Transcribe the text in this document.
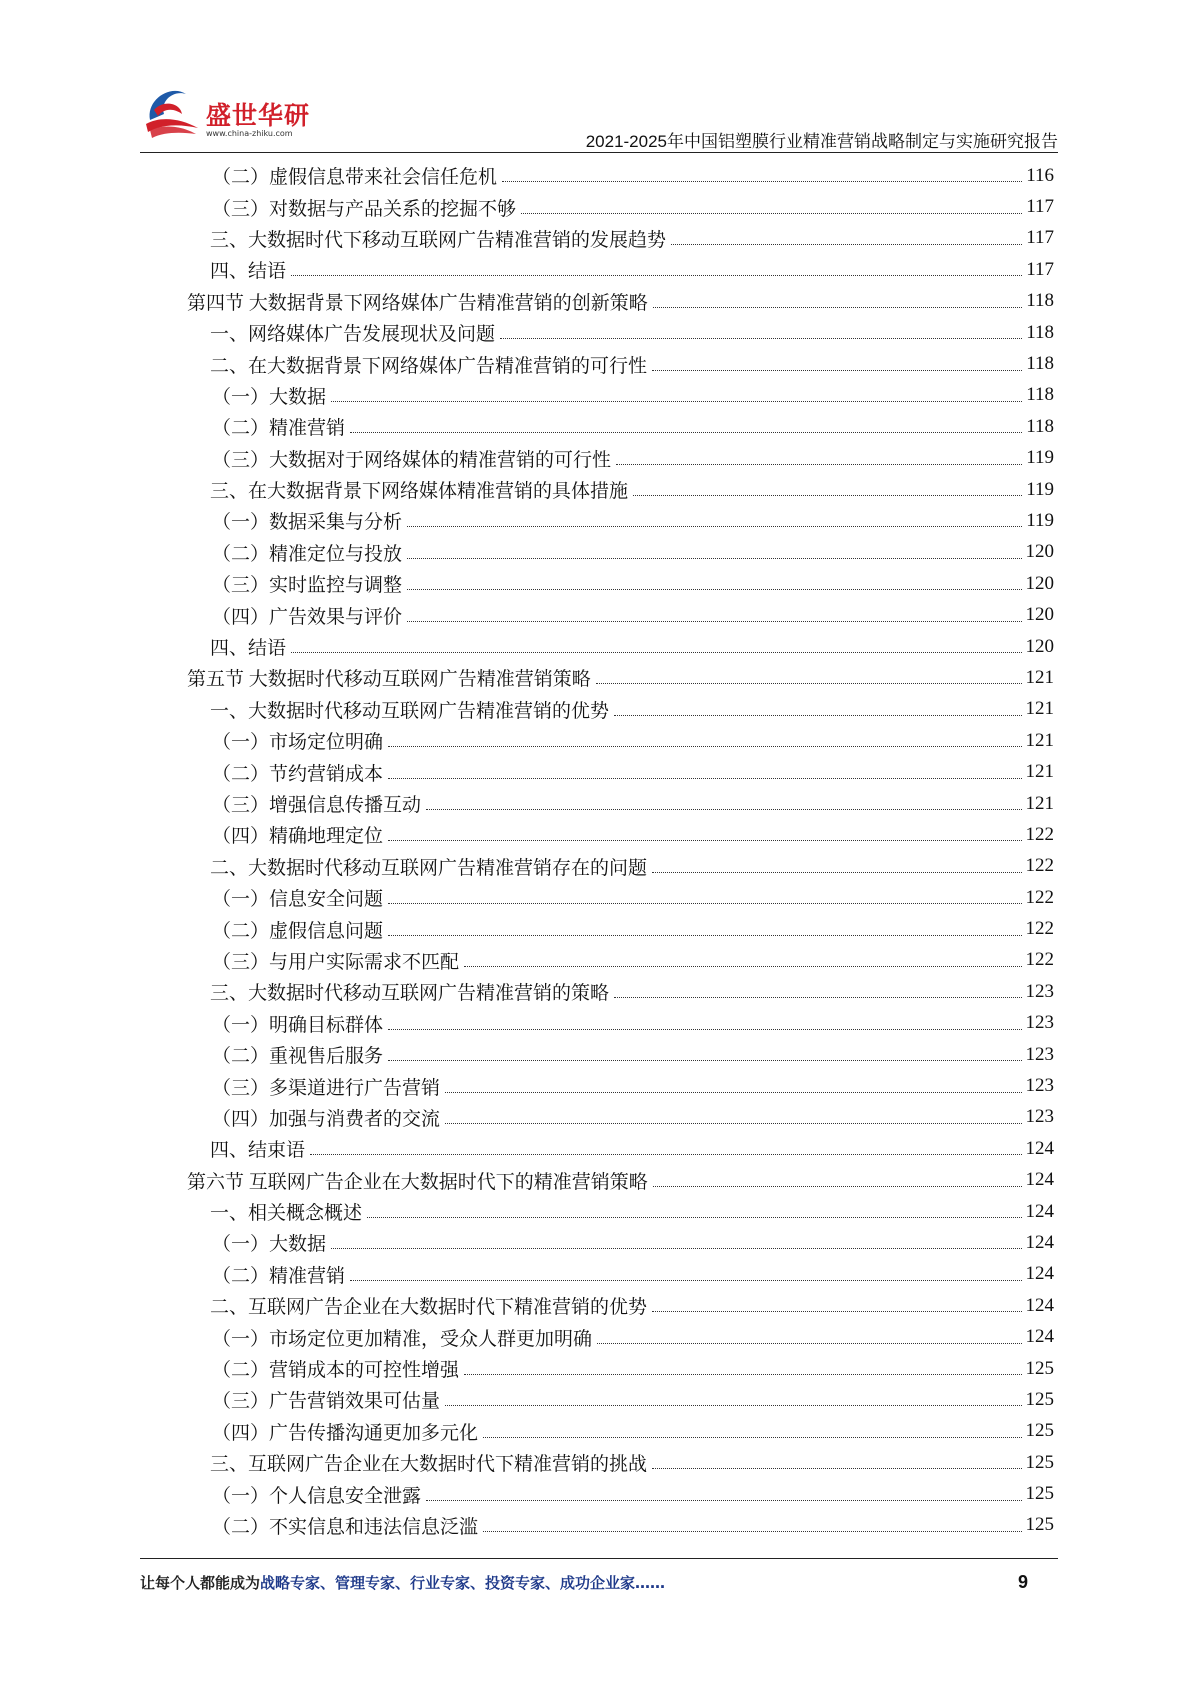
盛世华研
www.china-zhiku.com	2021-2025年中国铝塑膜行业精准营销战略制定与实施研究报告
（二）虚假信息带来社会信任危机	116
（三）对数据与产品关系的挖掘不够	117
三、大数据时代下移动互联网广告精准营销的发展趋势	117
四、结语	117
第四节 大数据背景下网络媒体广告精准营销的创新策略	118
一、网络媒体广告发展现状及问题	118
二、在大数据背景下网络媒体广告精准营销的可行性	118
（一）大数据	118
（二）精准营销	118
（三）大数据对于网络媒体的精准营销的可行性	119
三、在大数据背景下网络媒体精准营销的具体措施	119
（一）数据采集与分析	119
（二）精准定位与投放	120
（三）实时监控与调整	120
（四）广告效果与评价	120
四、结语	120
第五节 大数据时代移动互联网广告精准营销策略	121
一、大数据时代移动互联网广告精准营销的优势	121
（一）市场定位明确	121
（二）节约营销成本	121
（三）增强信息传播互动	121
（四）精确地理定位	122
二、大数据时代移动互联网广告精准营销存在的问题	122
（一）信息安全问题	122
（二）虚假信息问题	122
（三）与用户实际需求不匹配	122
三、大数据时代移动互联网广告精准营销的策略	123
（一）明确目标群体	123
（二）重视售后服务	123
（三）多渠道进行广告营销	123
（四）加强与消费者的交流	123
四、结束语	124
第六节 互联网广告企业在大数据时代下的精准营销策略	124
一、相关概念概述	124
（一）大数据	124
（二）精准营销	124
二、互联网广告企业在大数据时代下精准营销的优势	124
（一）市场定位更加精准，受众人群更加明确	124
（二）营销成本的可控性增强	125
（三）广告营销效果可估量	125
（四）广告传播沟通更加多元化	125
三、互联网广告企业在大数据时代下精准营销的挑战	125
（一）个人信息安全泄露	125
（二）不实信息和违法信息泛滥	125
让每个人都能成为战略专家、管理专家、行业专家、投资专家、成功企业家……	9
